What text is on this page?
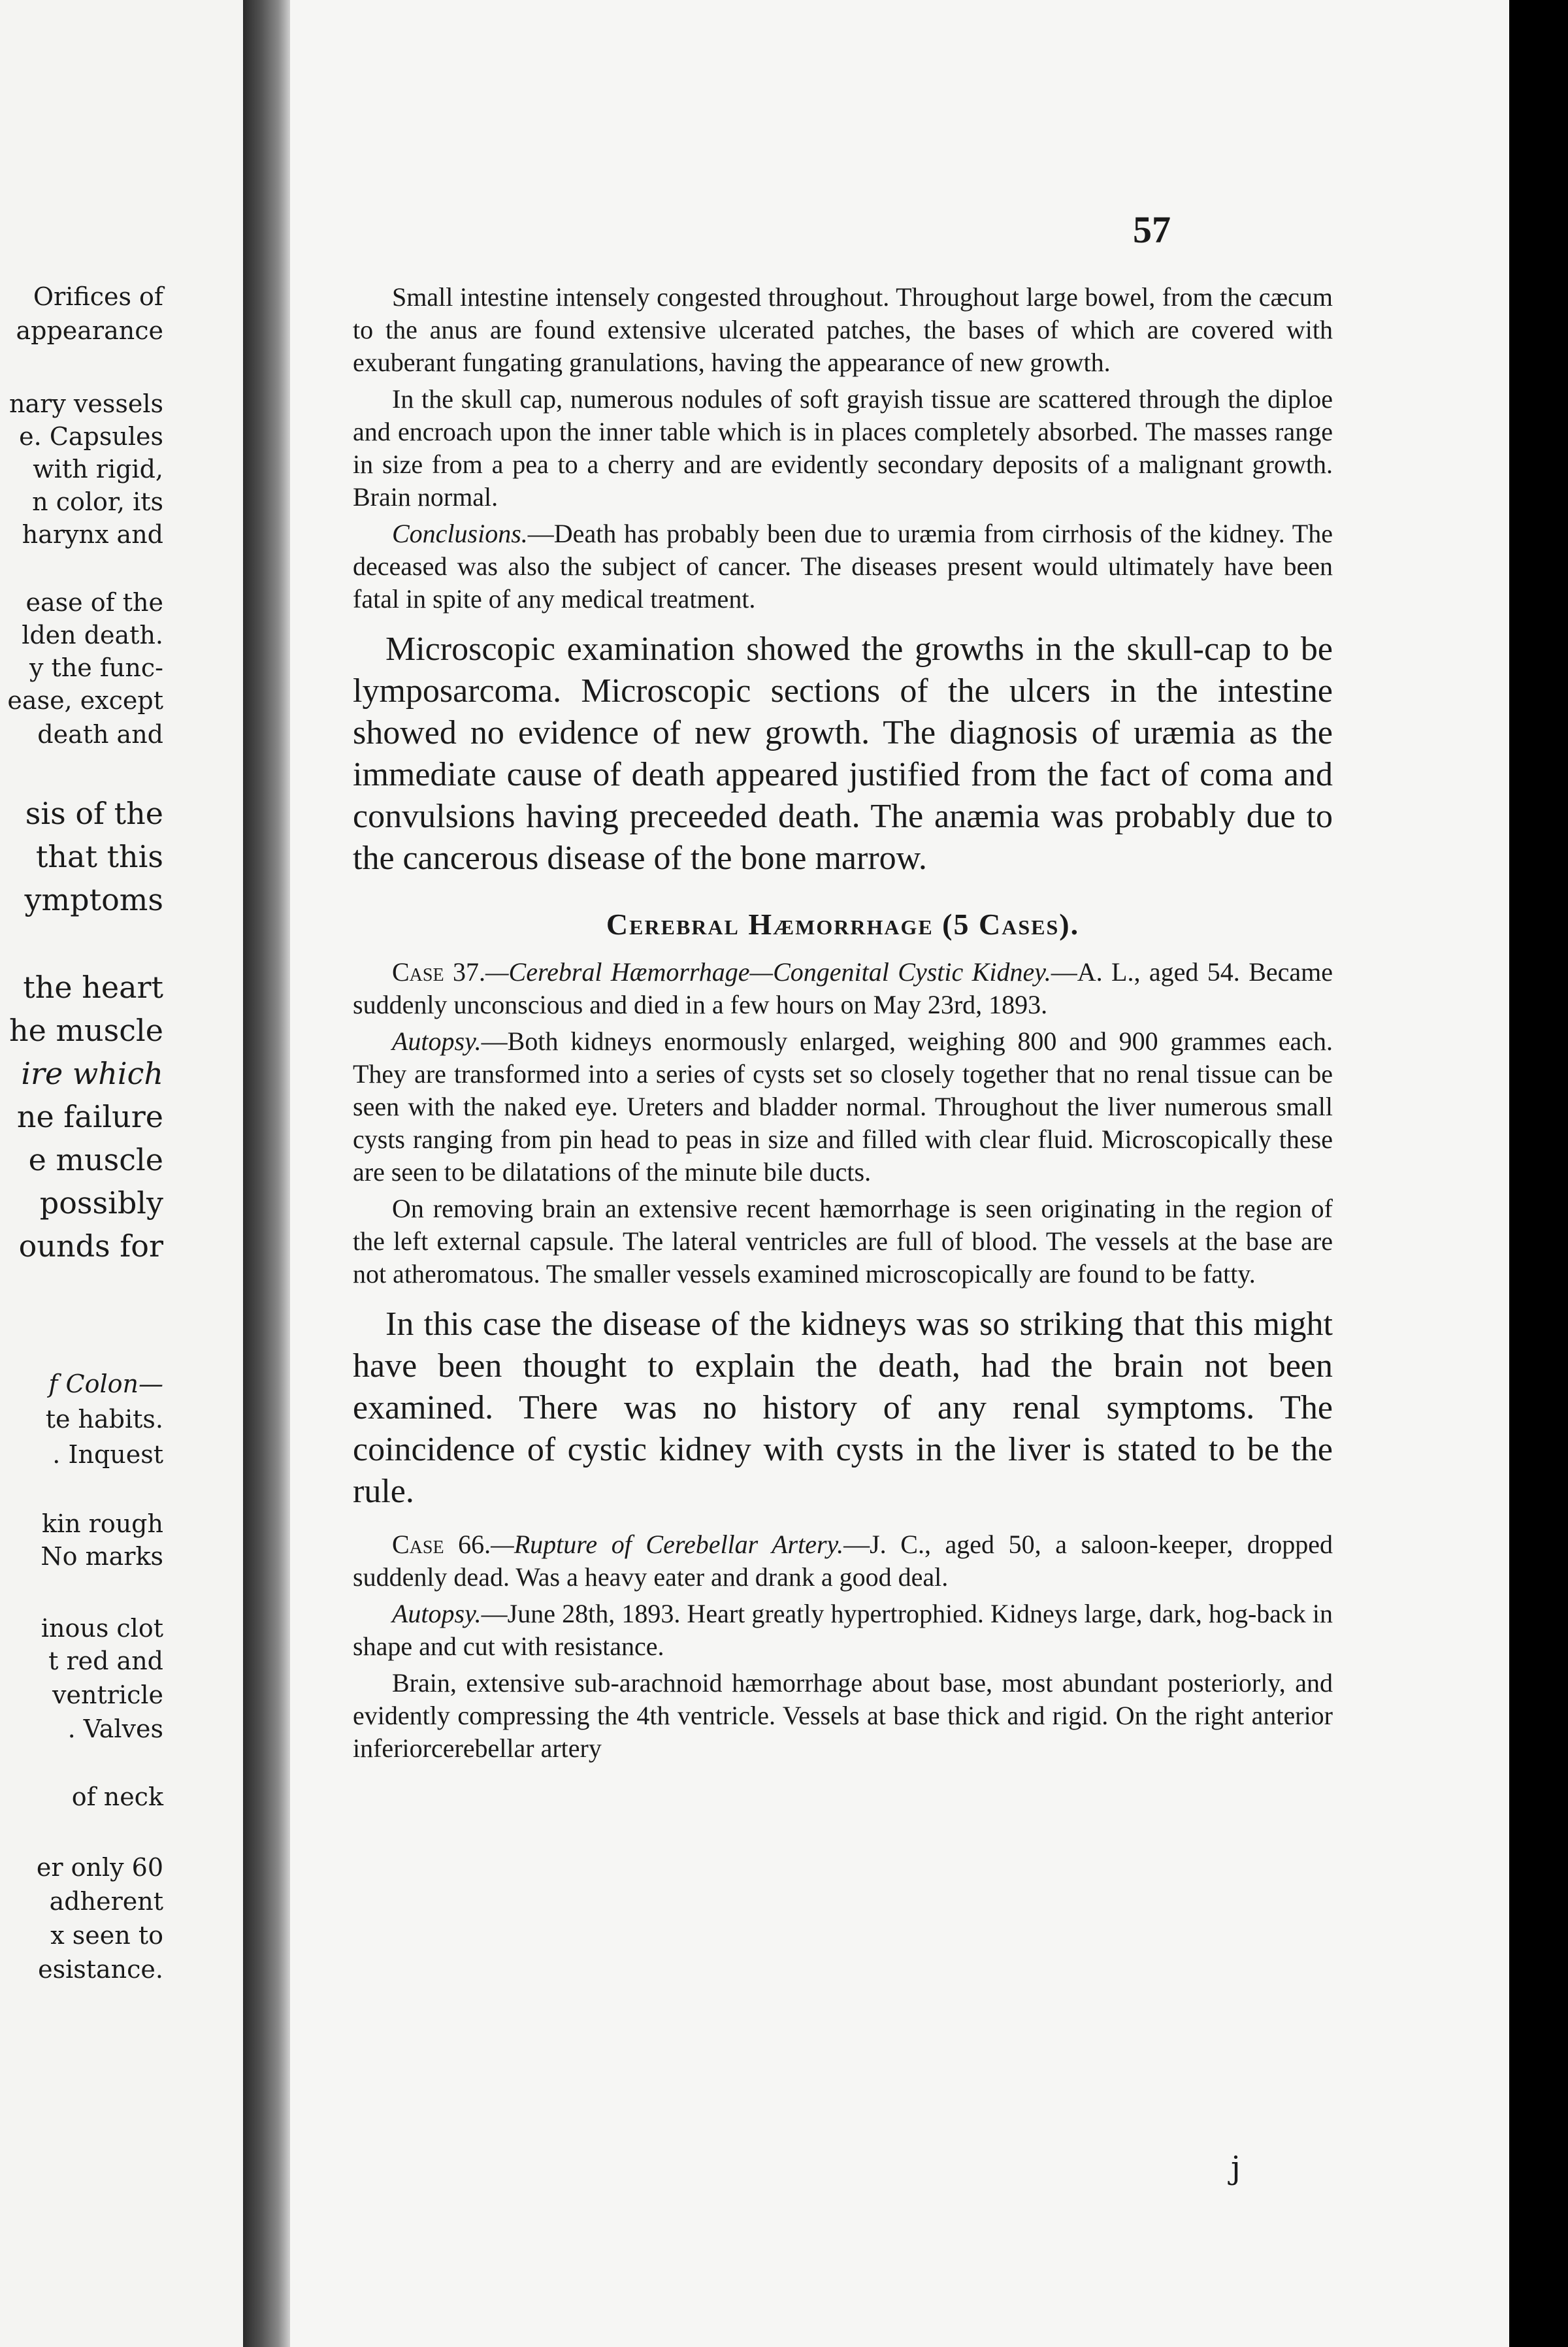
Orifices of
appearance
nary vessels
e. Capsules
with rigid,
n color, its
harynx and
ease of the
lden death.
y the func-
ease, except
death and
sis of the
that this
ymptoms
the heart
he muscle
ire which
ne failure
e muscle
possibly
ounds for
f Colon—
te habits.
. Inquest
kin rough
No marks
inous clot
t red and
ventricle
. Valves
of neck
er only 60
adherent
x seen to
esistance.
57

Small intestine intensely congested throughout. Throughout large bowel, from the cæcum to the anus are found extensive ulcerated patches, the bases of which are covered with exuberant fungating granulations, having the appearance of new growth.

In the skull cap, numerous nodules of soft grayish tissue are scattered through the diploe and encroach upon the inner table which is in places completely absorbed. The masses range in size from a pea to a cherry and are evidently secondary deposits of a malignant growth. Brain normal.

Conclusions.—Death has probably been due to uræmia from cirrhosis of the kidney. The deceased was also the subject of cancer. The diseases present would ultimately have been fatal in spite of any medical treatment.

Microscopic examination showed the growths in the skull-cap to be lymposarcoma. Microscopic sections of the ulcers in the intestine showed no evidence of new growth. The diagnosis of uræmia as the immediate cause of death appeared justified from the fact of coma and convulsions having preceeded death. The anæmia was probably due to the cancerous disease of the bone marrow.

Cerebral Hæmorrhage (5 Cases).

Case 37.—Cerebral Hæmorrhage—Congenital Cystic Kidney.—A. L., aged 54. Became suddenly unconscious and died in a few hours on May 23rd, 1893.

Autopsy.—Both kidneys enormously enlarged, weighing 800 and 900 grammes each. They are transformed into a series of cysts set so closely together that no renal tissue can be seen with the naked eye. Ureters and bladder normal. Throughout the liver numerous small cysts ranging from pin head to peas in size and filled with clear fluid. Microscopically these are seen to be dilatations of the minute bile ducts.

On removing brain an extensive recent hæmorrhage is seen originating in the region of the left external capsule. The lateral ventricles are full of blood. The vessels at the base are not atheromatous. The smaller vessels examined microscopically are found to be fatty.

In this case the disease of the kidneys was so striking that this might have been thought to explain the death, had the brain not been examined. There was no history of any renal symptoms. The coincidence of cystic kidney with cysts in the liver is stated to be the rule.

Case 66.—Rupture of Cerebellar Artery.—J. C., aged 50, a saloon-keeper, dropped suddenly dead. Was a heavy eater and drank a good deal.

Autopsy.—June 28th, 1893. Heart greatly hypertrophied. Kidneys large, dark, hog-back in shape and cut with resistance.

Brain, extensive sub-arachnoid hæmorrhage about base, most abundant posteriorly, and evidently compressing the 4th ventricle. Vessels at base thick and rigid. On the right anterior inferiorcerebellar artery

j
